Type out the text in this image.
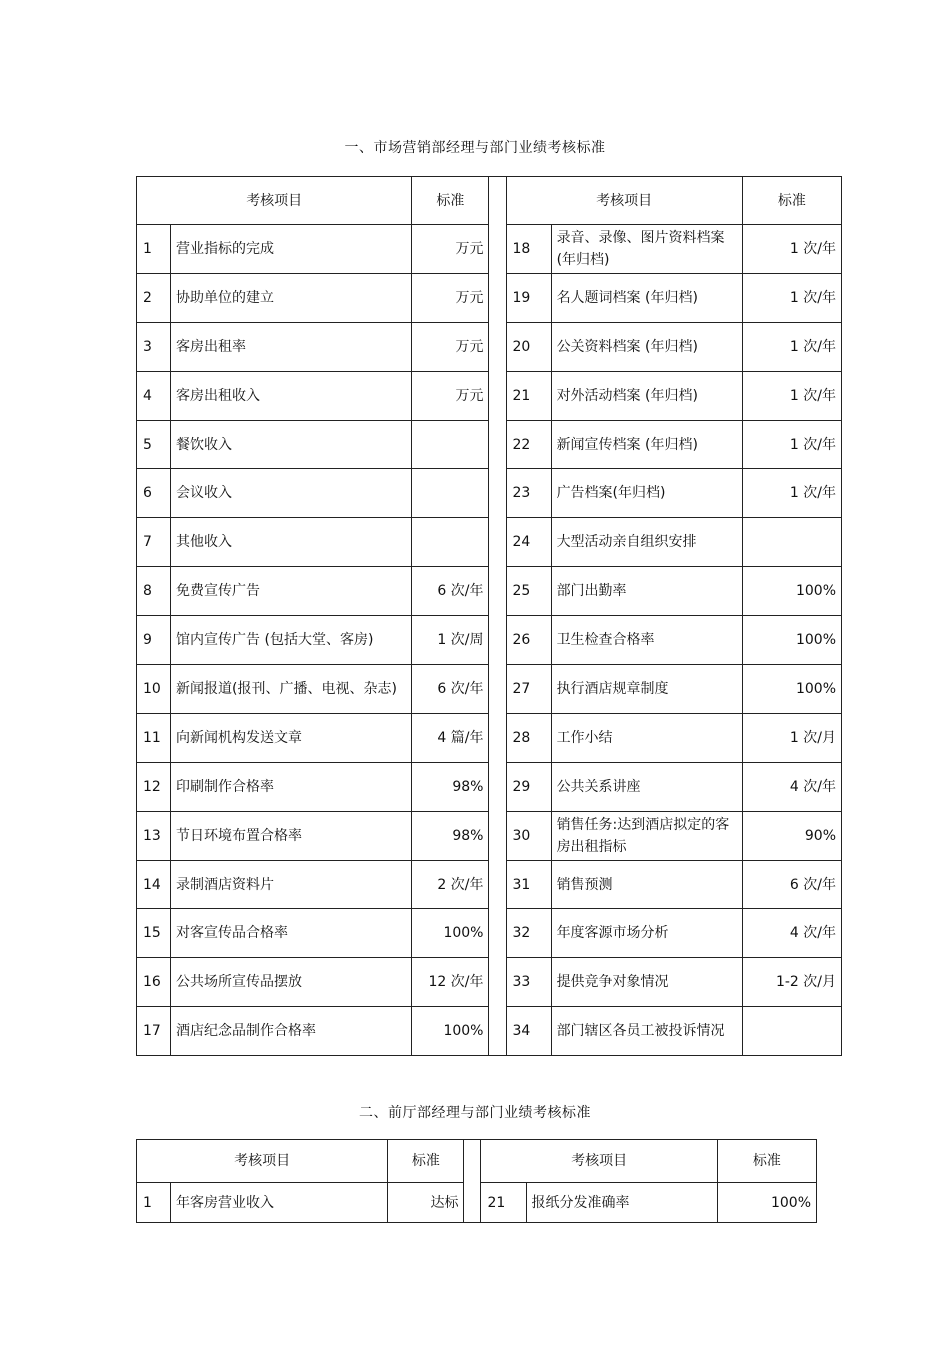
一、市场营销部经理与部门业绩考核标准
考核项目		标准		考核项目		标准
1	营业指标的完成	万元		18	录音、录像、图片资料档案(年归档)	1 次/年
2	协助单位的建立	万元		19	名人题词档案 (年归档)	1 次/年
3	客房出租率	万元		20	公关资料档案 (年归档)	1 次/年
4	客房出租收入	万元		21	对外活动档案 (年归档)	1 次/年
5	餐饮收入			22	新闻宣传档案 (年归档)	1 次/年
6	会议收入			23	广告档案(年归档)	1 次/年
7	其他收入			24	大型活动亲自组织安排	
8	免费宣传广告	6 次/年		25	部门出勤率	100%
9	馆内宣传广告 (包括大堂、客房)	1 次/周		26	卫生检查合格率	100%
10	新闻报道(报刊、广播、电视、杂志)	6 次/年		27	执行酒店规章制度	100%
11	向新闻机构发送文章	4 篇/年		28	工作小结	1 次/月
12	印刷制作合格率	98%		29	公共关系讲座	4 次/年
13	节日环境布置合格率	98%		30	销售任务:达到酒店拟定的客房出租指标	90%
14	录制酒店资料片	2 次/年		31	销售预测	6 次/年
15	对客宣传品合格率	100%		32	年度客源市场分析	4 次/年
16	公共场所宣传品摆放	12 次/年		33	提供竞争对象情况	1-2 次/月
17	酒店纪念品制作合格率	100%		34	部门辖区各员工被投诉情况	
二、前厅部经理与部门业绩考核标准
考核项目		标准		考核项目		标准
1	年客房营业收入	达标		21	报纸分发准确率	100%
